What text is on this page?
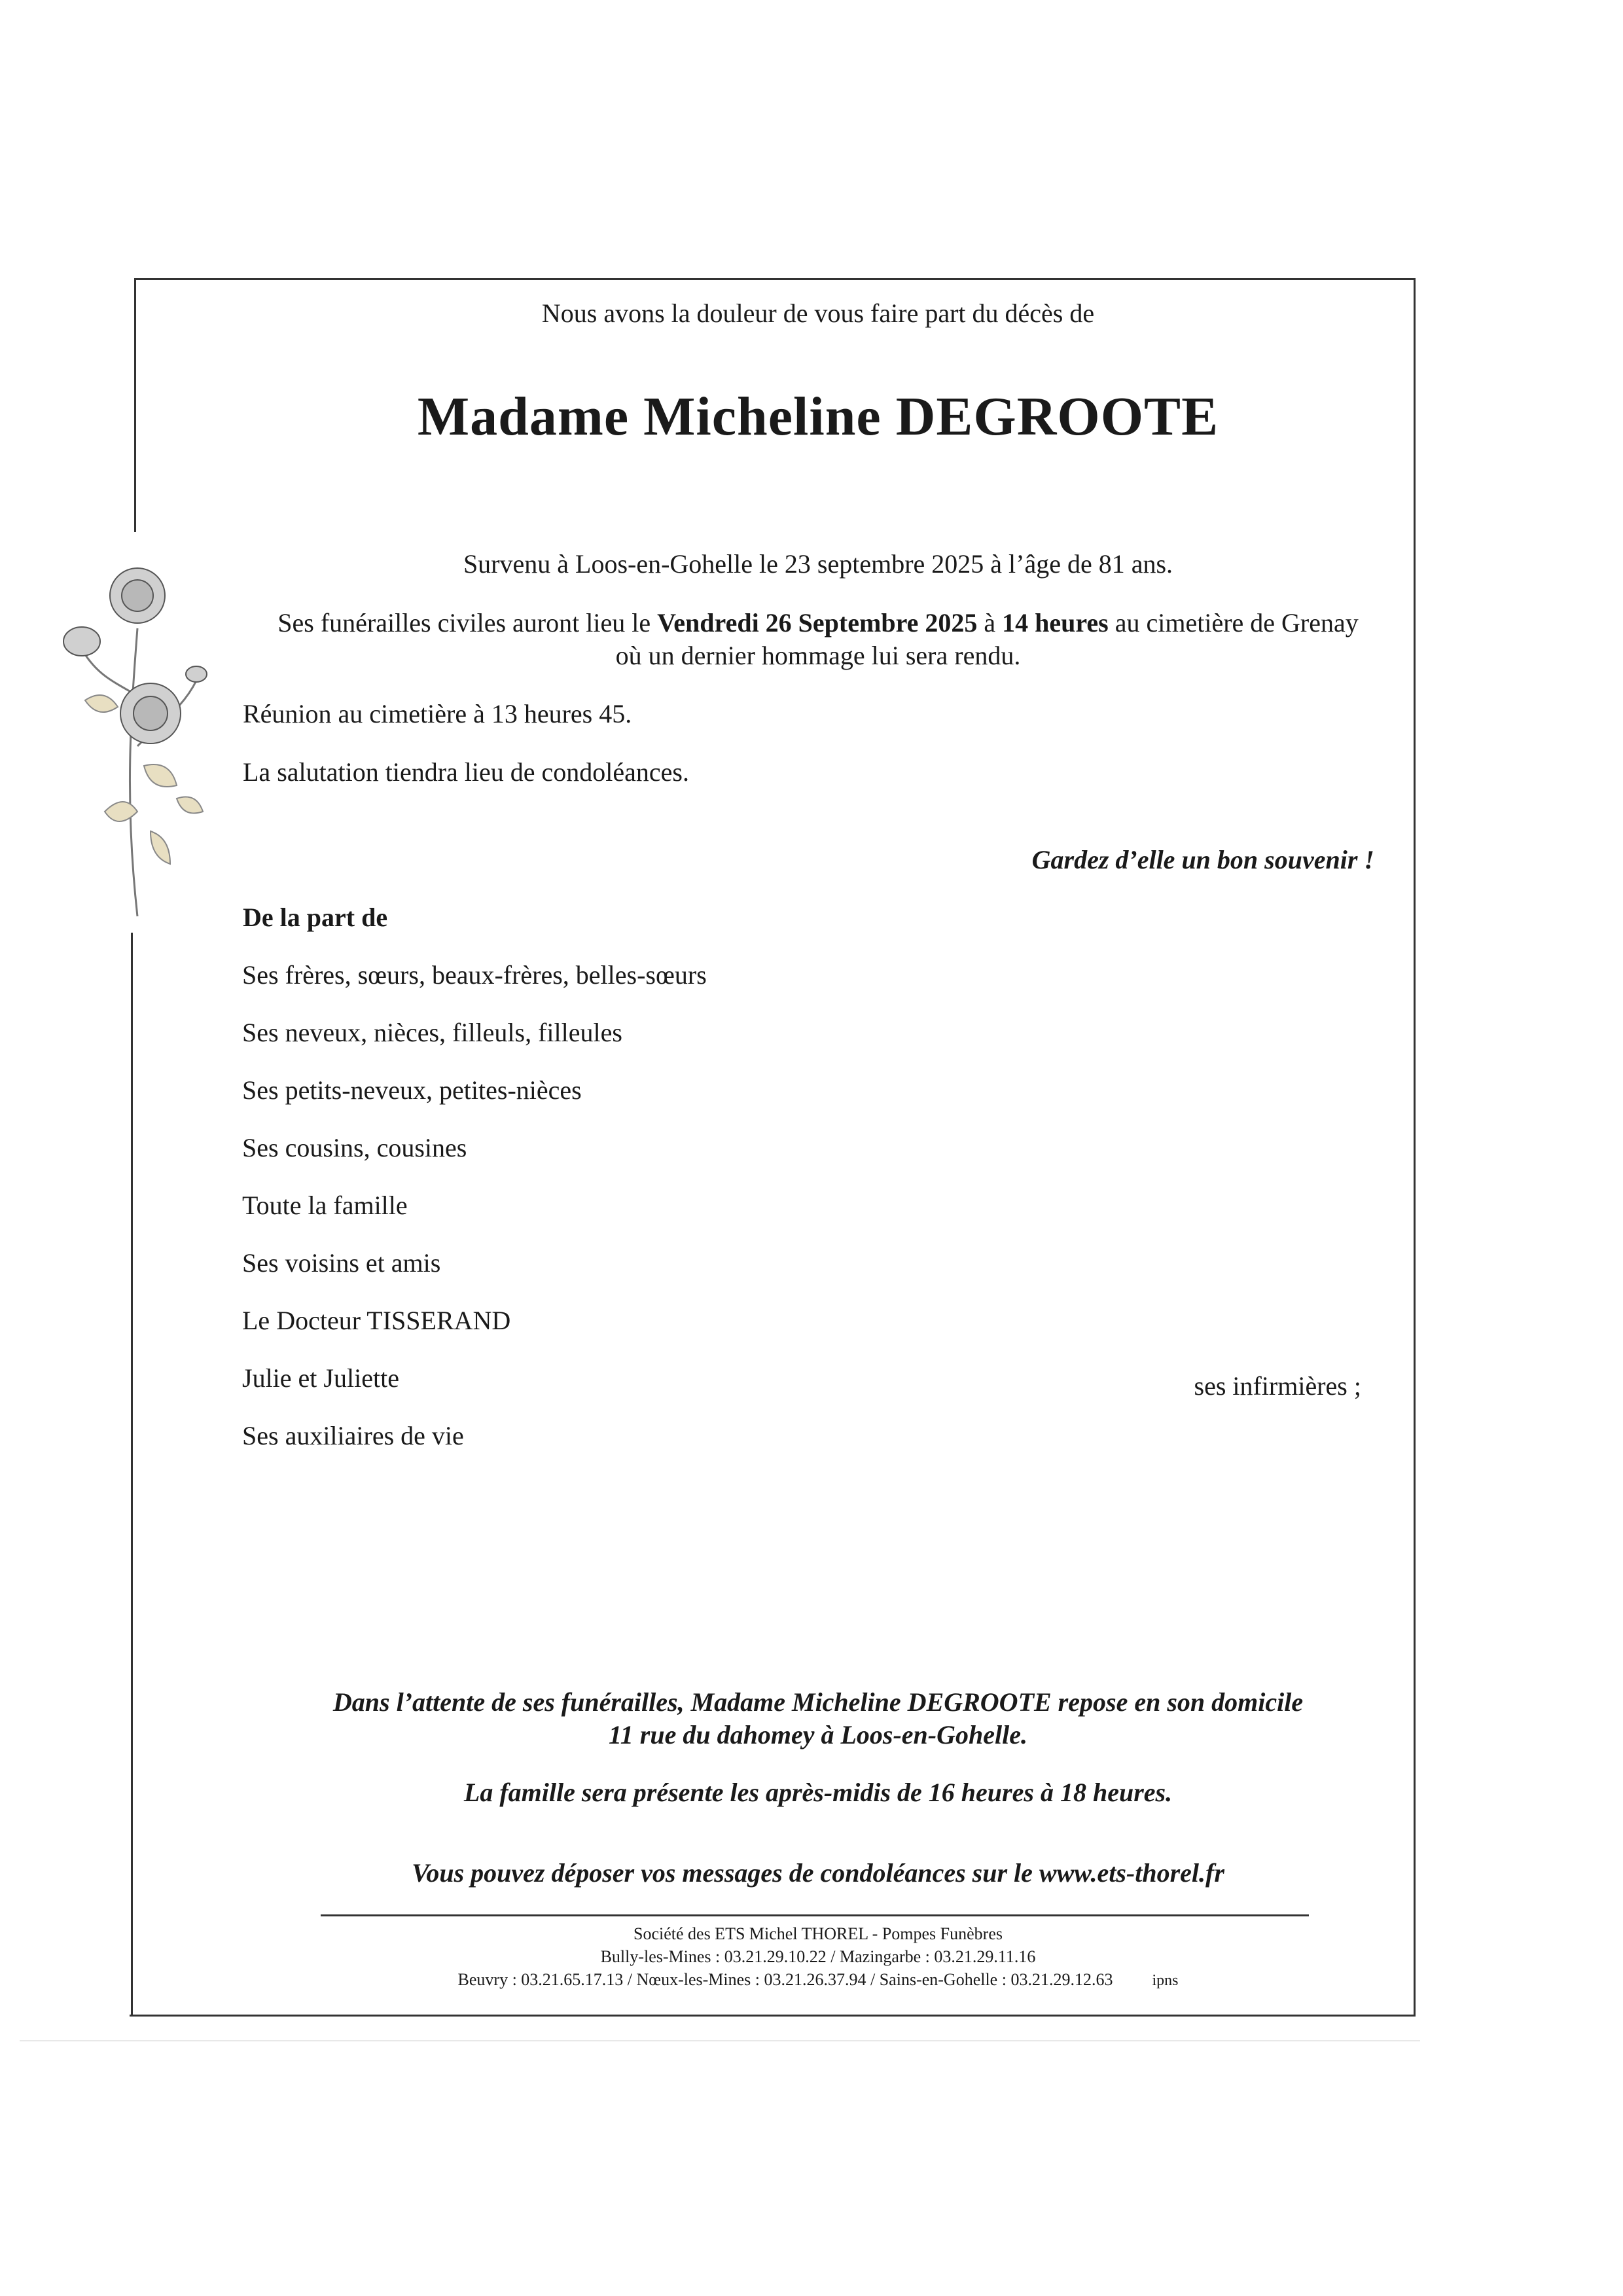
Nous avons la douleur de vous faire part du décès de
Madame Micheline DEGROOTE
Survenu à Loos-en-Gohelle le 23 septembre 2025 à l’âge de 81 ans.
Ses funérailles civiles auront lieu le Vendredi 26 Septembre 2025 à 14 heures au cimetière de Grenay
où un dernier hommage lui sera rendu.
Réunion au cimetière à 13 heures 45.
La salutation tiendra lieu de condoléances.
Gardez d’elle un bon souvenir !
De la part de
Ses frères, sœurs, beaux-frères, belles-sœurs
Ses neveux, nièces, filleuls, filleules
Ses petits-neveux, petites-nièces
Ses cousins, cousines
Toute la famille
Ses voisins et amis
Le Docteur TISSERAND
Julie et Juliette	ses infirmières ;
Ses auxiliaires de vie
Dans l’attente de ses funérailles, Madame Micheline DEGROOTE repose en son domicile
11 rue du dahomey à Loos-en-Gohelle.
La famille sera présente les après-midis de 16 heures à 18 heures.
Vous pouvez déposer vos messages de condoléances sur le www.ets-thorel.fr
Société des ETS Michel THOREL - Pompes Funèbres
Bully-les-Mines : 03.21.29.10.22 / Mazingarbe : 03.21.29.11.16
Beuvry : 03.21.65.17.13 / Nœux-les-Mines : 03.21.26.37.94 / Sains-en-Gohelle : 03.21.29.12.63	ipns
